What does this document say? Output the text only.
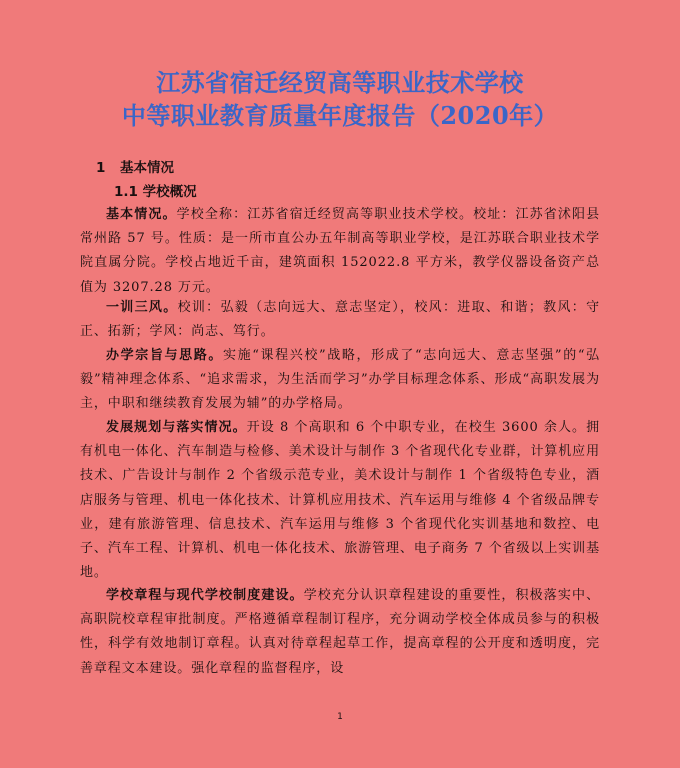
江苏省宿迁经贸高等职业技术学校
中等职业教育质量年度报告（2020年）
1 基本情况
1.1 学校概况

基本情况。学校全称：江苏省宿迁经贸高等职业技术学校。校址：江苏省沭阳县常州路 57 号。性质：是一所市直公办五年制高等职业学校，是江苏联合职业技术学院直属分院。学校占地近千亩，建筑面积 152022.8 平方米，教学仪器设备资产总值为 3207.28 万元。

一训三风。校训：弘毅（志向远大、意志坚定），校风：进取、和谐；教风：守正、拓新；学风：尚志、笃行。

办学宗旨与思路。实施“课程兴校”战略，形成了“志向远大、意志坚强”的“弘毅”精神理念体系、“追求需求，为生活而学习”办学目标理念体系、形成“高职发展为主，中职和继续教育发展为辅”的办学格局。

发展规划与落实情况。开设 8 个高职和 6 个中职专业，在校生 3600 余人。拥有机电一体化、汽车制造与检修、美术设计与制作 3 个省现代化专业群，计算机应用技术、广告设计与制作 2 个省级示范专业，美术设计与制作 1 个省级特色专业，酒店服务与管理、机电一体化技术、计算机应用技术、汽车运用与维修 4 个省级品牌专业，建有旅游管理、信息技术、汽车运用与维修 3 个省现代化实训基地和数控、电子、汽车工程、计算机、机电一体化技术、旅游管理、电子商务 7 个省级以上实训基地。

学校章程与现代学校制度建设。学校充分认识章程建设的重要性，积极落实中、高职院校章程审批制度。严格遵循章程制订程序，充分调动学校全体成员参与的积极性，科学有效地制订章程。认真对待章程起草工作，提高章程的公开度和透明度，完善章程文本建设。强化章程的监督程序，设

1
